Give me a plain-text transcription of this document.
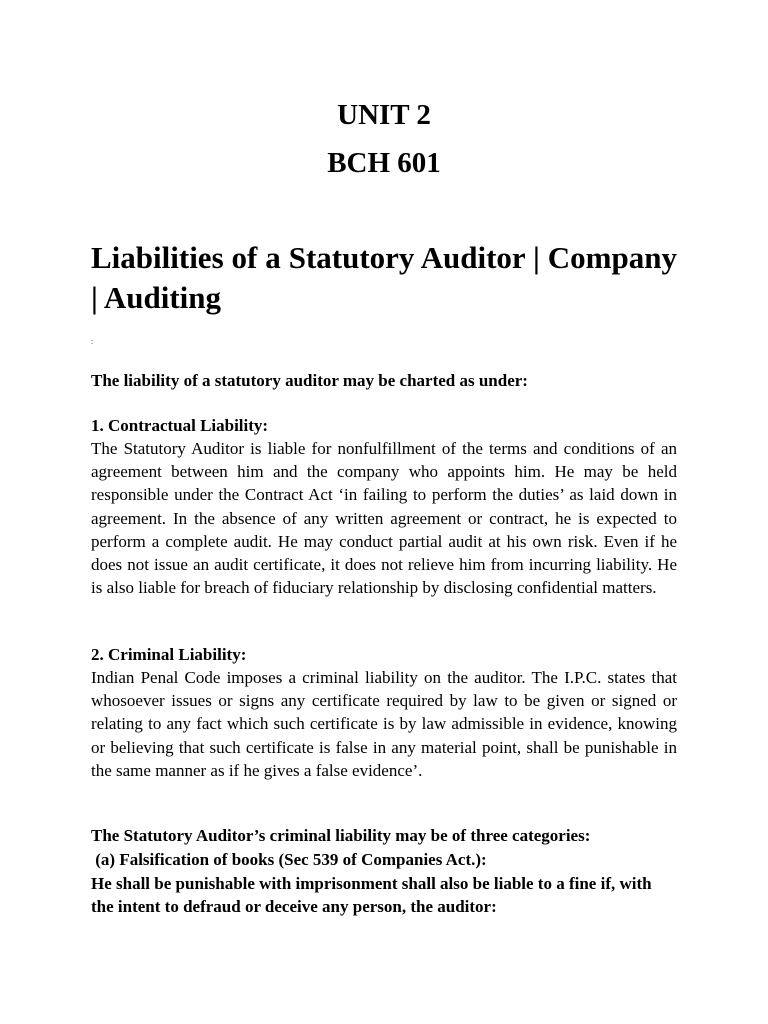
UNIT 2
BCH 601
Liabilities of a Statutory Auditor | Company | Auditing
:
The liability of a statutory auditor may be charted as under:
1. Contractual Liability:
The Statutory Auditor is liable for nonfulfillment of the terms and conditions of an agreement between him and the company who appoints him. He may be held responsible under the Contract Act ‘in failing to perform the duties’ as laid down in agreement. In the absence of any written agreement or contract, he is expected to perform a complete audit. He may conduct partial audit at his own risk. Even if he does not issue an audit certificate, it does not relieve him from incurring liability. He is also liable for breach of fiduciary relationship by disclosing confidential matters.
2. Criminal Liability:
Indian Penal Code imposes a criminal liability on the auditor. The I.P.C. states that whosoever issues or signs any certificate required by law to be given or signed or relating to any fact which such certificate is by law admissible in evidence, knowing or believing that such certificate is false in any material point, shall be punishable in the same manner as if he gives a false evidence’.
The Statutory Auditor’s criminal liability may be of three categories:
(a) Falsification of books (Sec 539 of Companies Act.):
He shall be punishable with imprisonment shall also be liable to a fine if, with the intent to defraud or deceive any person, the auditor:
